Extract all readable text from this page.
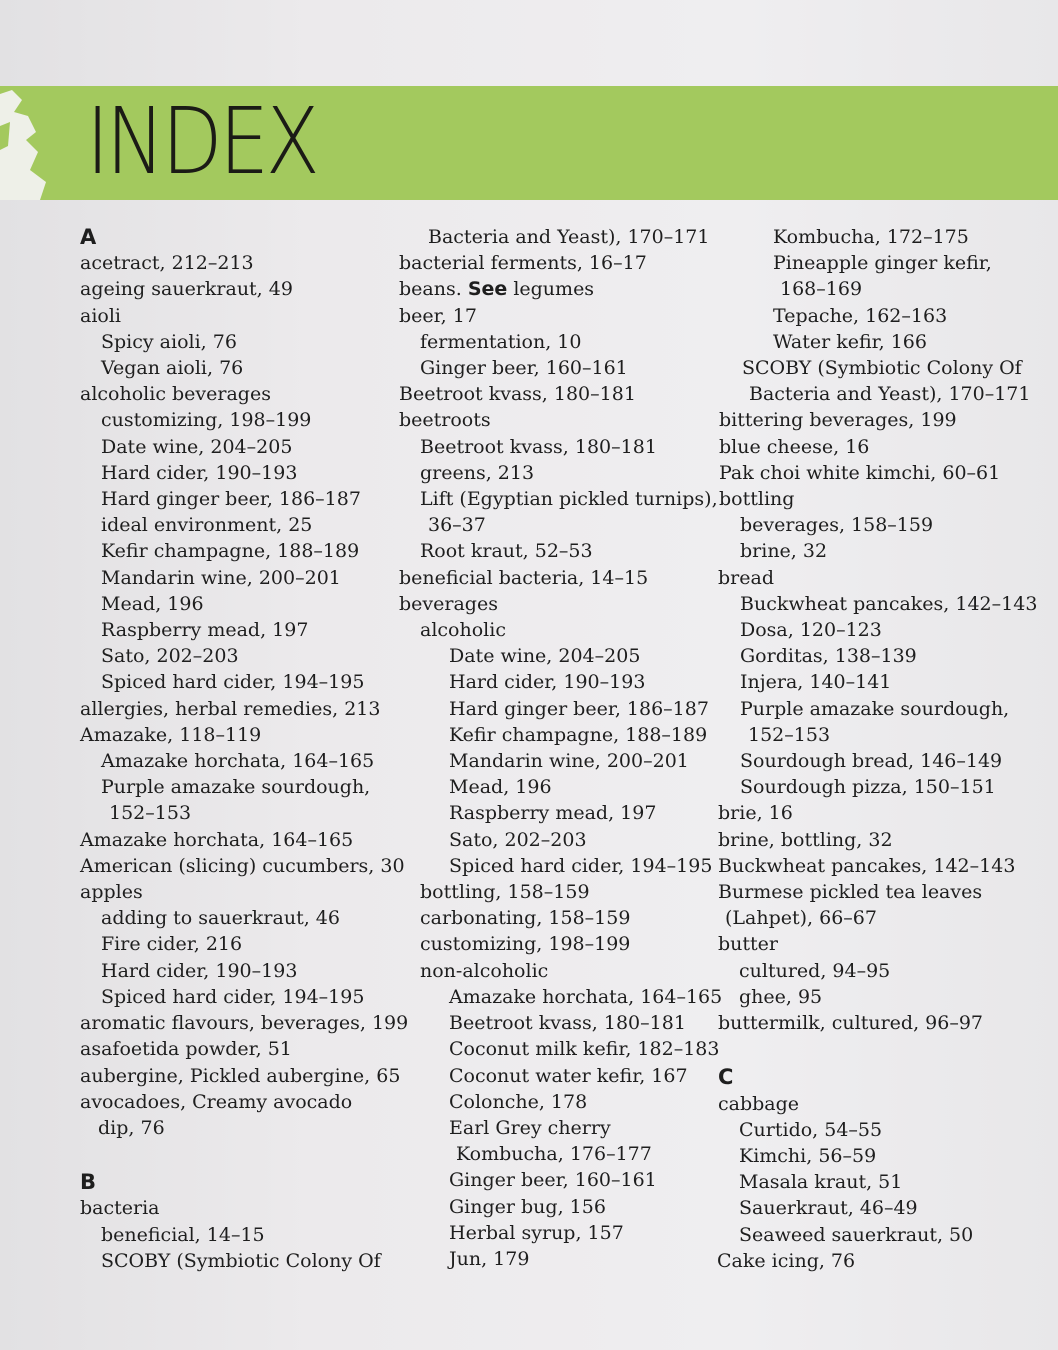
INDEX
A
acetract, 212–213
ageing sauerkraut, 49
aioli
Spicy aioli, 76
Vegan aioli, 76
alcoholic beverages
customizing, 198–199
Date wine, 204–205
Hard cider, 190–193
Hard ginger beer, 186–187
ideal environment, 25
Kefir champagne, 188–189
Mandarin wine, 200–201
Mead, 196
Raspberry mead, 197
Sato, 202–203
Spiced hard cider, 194–195
allergies, herbal remedies, 213
Amazake, 118–119
Amazake horchata, 164–165
Purple amazake sourdough,
152–153
Amazake horchata, 164–165
American (slicing) cucumbers, 30
apples
adding to sauerkraut, 46
Fire cider, 216
Hard cider, 190–193
Spiced hard cider, 194–195
aromatic flavours, beverages, 199
asafoetida powder, 51
aubergine, Pickled aubergine, 65
avocadoes, Creamy avocado
dip, 76
B
bacteria
beneficial, 14–15
SCOBY (Symbiotic Colony Of
Bacteria and Yeast), 170–171
bacterial ferments, 16–17
beans. See legumes
beer, 17
fermentation, 10
Ginger beer, 160–161
Beetroot kvass, 180–181
beetroots
Beetroot kvass, 180–181
greens, 213
Lift (Egyptian pickled turnips),
36–37
Root kraut, 52–53
beneficial bacteria, 14–15
beverages
alcoholic
Date wine, 204–205
Hard cider, 190–193
Hard ginger beer, 186–187
Kefir champagne, 188–189
Mandarin wine, 200–201
Mead, 196
Raspberry mead, 197
Sato, 202–203
Spiced hard cider, 194–195
bottling, 158–159
carbonating, 158–159
customizing, 198–199
non-alcoholic
Amazake horchata, 164–165
Beetroot kvass, 180–181
Coconut milk kefir, 182–183
Coconut water kefir, 167
Colonche, 178
Earl Grey cherry
Kombucha, 176–177
Ginger beer, 160–161
Ginger bug, 156
Herbal syrup, 157
Jun, 179
Kombucha, 172–175
Pineapple ginger kefir,
168–169
Tepache, 162–163
Water kefir, 166
SCOBY (Symbiotic Colony Of
Bacteria and Yeast), 170–171
bittering beverages, 199
blue cheese, 16
Pak choi white kimchi, 60–61
bottling
beverages, 158–159
brine, 32
bread
Buckwheat pancakes, 142–143
Dosa, 120–123
Gorditas, 138–139
Injera, 140–141
Purple amazake sourdough,
152–153
Sourdough bread, 146–149
Sourdough pizza, 150–151
brie, 16
brine, bottling, 32
Buckwheat pancakes, 142–143
Burmese pickled tea leaves
(Lahpet), 66–67
butter
cultured, 94–95
ghee, 95
buttermilk, cultured, 96–97
C
cabbage
Curtido, 54–55
Kimchi, 56–59
Masala kraut, 51
Sauerkraut, 46–49
Seaweed sauerkraut, 50
Cake icing, 76
